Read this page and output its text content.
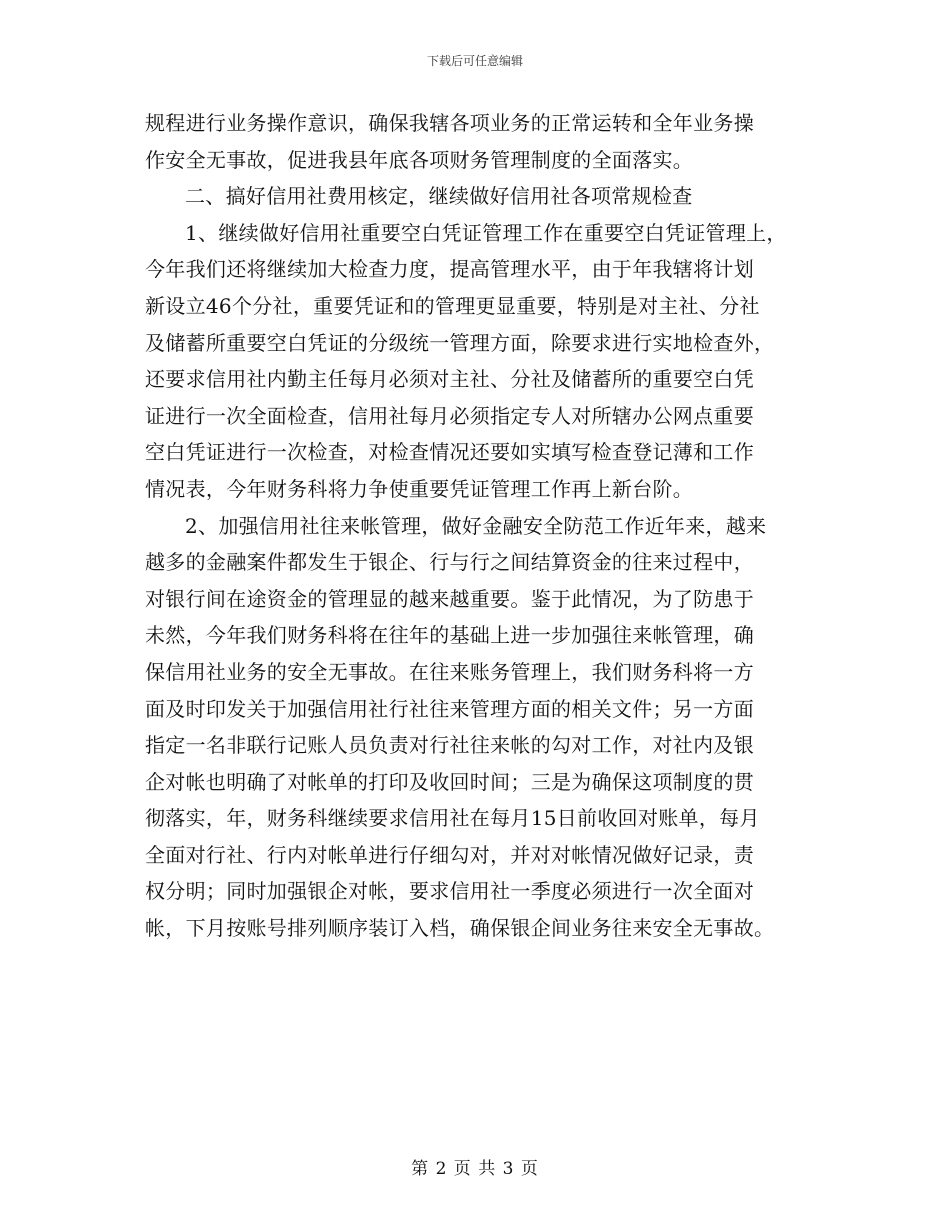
下载后可任意编辑
规程进行业务操作意识，确保我辖各项业务的正常运转和全年业务操
作安全无事故，促进我县年底各项财务管理制度的全面落实。
二、搞好信用社费用核定，继续做好信用社各项常规检查
1、继续做好信用社重要空白凭证管理工作在重要空白凭证管理上，
今年我们还将继续加大检查力度，提高管理水平，由于年我辖将计划
新设立46个分社，重要凭证和的管理更显重要，特别是对主社、分社
及储蓄所重要空白凭证的分级统一管理方面，除要求进行实地检查外，
还要求信用社内勤主任每月必须对主社、分社及储蓄所的重要空白凭
证进行一次全面检查，信用社每月必须指定专人对所辖办公网点重要
空白凭证进行一次检查，对检查情况还要如实填写检查登记薄和工作
情况表，今年财务科将力争使重要凭证管理工作再上新台阶。
2、加强信用社往来帐管理，做好金融安全防范工作近年来，越来
越多的金融案件都发生于银企、行与行之间结算资金的往来过程中，
对银行间在途资金的管理显的越来越重要。鉴于此情况，为了防患于
未然，今年我们财务科将在往年的基础上进一步加强往来帐管理，确
保信用社业务的安全无事故。在往来账务管理上，我们财务科将一方
面及时印发关于加强信用社行社往来管理方面的相关文件；另一方面
指定一名非联行记账人员负责对行社往来帐的勾对工作，对社内及银
企对帐也明确了对帐单的打印及收回时间；三是为确保这项制度的贯
彻落实，年，财务科继续要求信用社在每月15日前收回对账单，每月
全面对行社、行内对帐单进行仔细勾对，并对对帐情况做好记录，责
权分明；同时加强银企对帐，要求信用社一季度必须进行一次全面对
帐，下月按账号排列顺序装订入档，确保银企间业务往来安全无事故。
第 2 页 共 3 页
